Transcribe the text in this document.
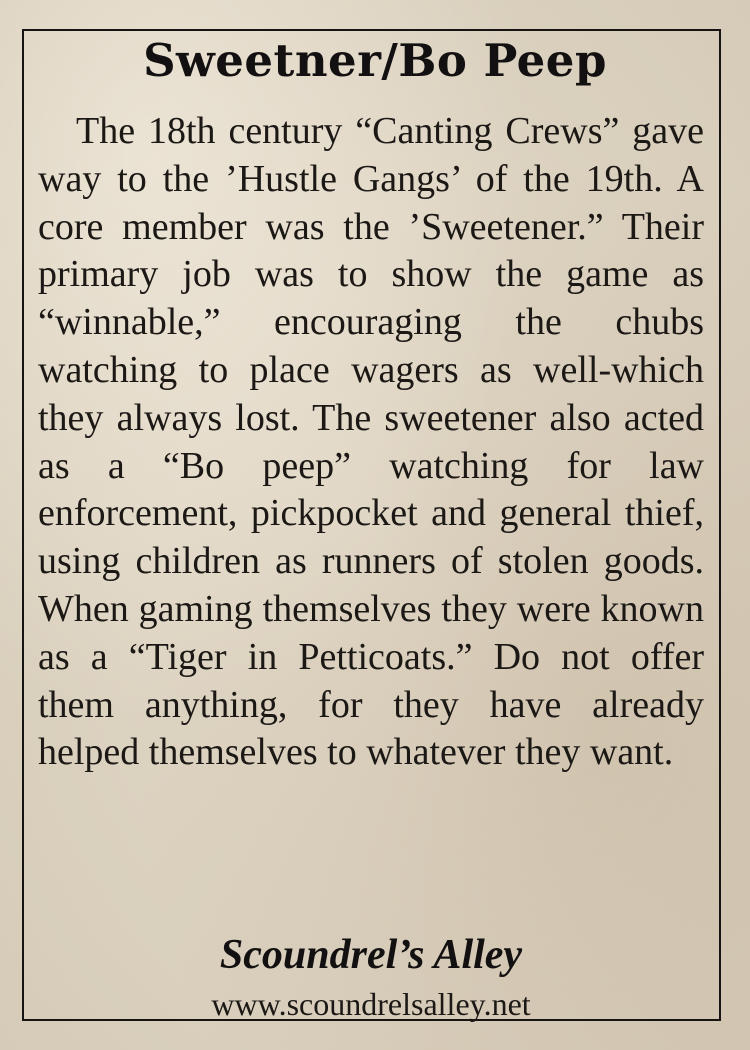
Sweetner/Bo Peep

The 18th century “Canting Crews” gave way to the ’Hustle Gangs’ of the 19th. A core member was the ’Sweetener.” Their primary job was to show the game as “winnable,” encouraging the chubs watching to place wagers as well-which they always lost. The sweetener also acted as a “Bo peep” watching for law enforcement, pickpocket and general thief, using children as runners of stolen goods. When gaming themselves they were known as a “Tiger in Petticoats.” Do not offer them anything, for they have already helped themselves to whatever they want.

Scoundrel’s Alley
www.scoundrelsalley.net
